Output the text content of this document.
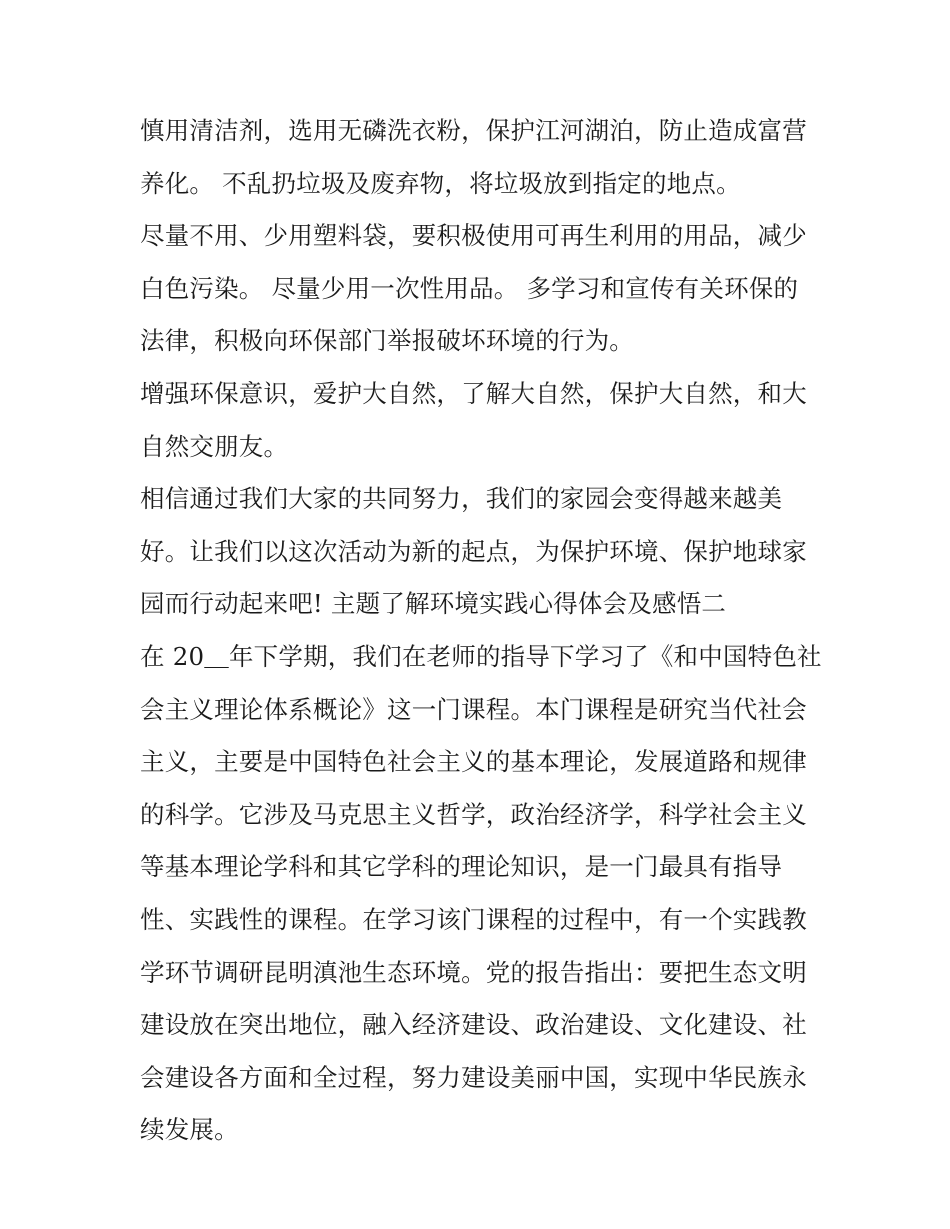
慎用清洁剂，选用无磷洗衣粉，保护江河湖泊，防止造成富营
养化。 不乱扔垃圾及废弃物，将垃圾放到指定的地点。
尽量不用、少用塑料袋，要积极使用可再生利用的用品，减少
白色污染。 尽量少用一次性用品。 多学习和宣传有关环保的
法律，积极向环保部门举报破坏环境的行为。
增强环保意识，爱护大自然，了解大自然，保护大自然，和大
自然交朋友。
相信通过我们大家的共同努力，我们的家园会变得越来越美
好。让我们以这次活动为新的起点，为保护环境、保护地球家
园而行动起来吧! 主题了解环境实践心得体会及感悟二
在 20＿年下学期，我们在老师的指导下学习了《和中国特色社
会主义理论体系概论》这一门课程。本门课程是研究当代社会
主义，主要是中国特色社会主义的基本理论，发展道路和规律
的科学。它涉及马克思主义哲学，政治经济学，科学社会主义
等基本理论学科和其它学科的理论知识，是一门最具有指导
性、实践性的课程。在学习该门课程的过程中，有一个实践教
学环节调研昆明滇池生态环境。党的报告指出：要把生态文明
建设放在突出地位，融入经济建设、政治建设、文化建设、社
会建设各方面和全过程，努力建设美丽中国，实现中华民族永
续发展。
